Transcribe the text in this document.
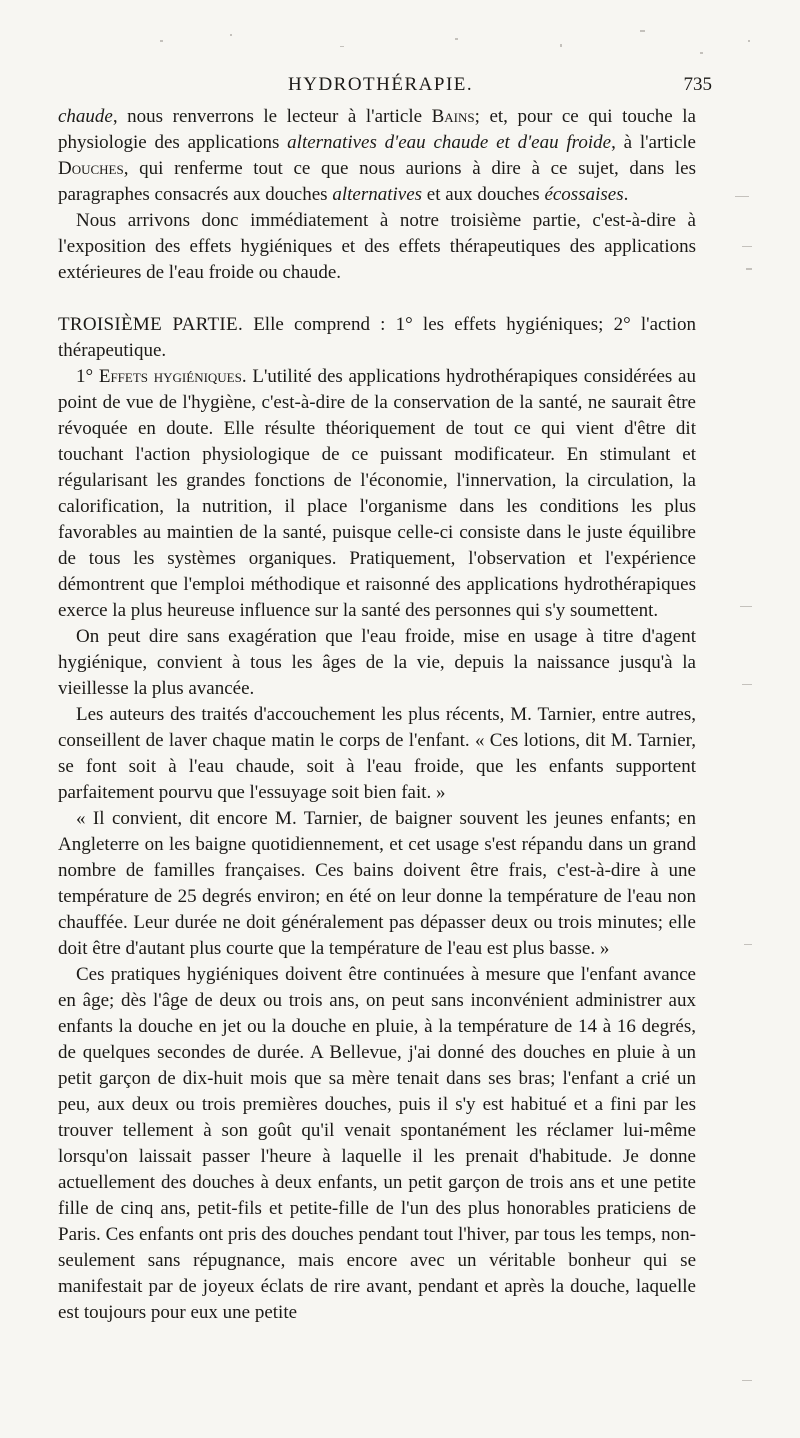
HYDROTHÉRAPIE.	735

chaude, nous renverrons le lecteur à l'article Bains; et, pour ce qui touche la physiologie des applications alternatives d'eau chaude et d'eau froide, à l'article Douches, qui renferme tout ce que nous aurions à dire à ce sujet, dans les paragraphes consacrés aux douches alternatives et aux douches écossaises.

Nous arrivons donc immédiatement à notre troisième partie, c'est-à-dire à l'exposition des effets hygiéniques et des effets thérapeutiques des applications extérieures de l'eau froide ou chaude.

TROISIÈME PARTIE. Elle comprend : 1° les effets hygiéniques; 2° l'action thérapeutique.

1° Effets hygiéniques. L'utilité des applications hydrothérapiques considérées au point de vue de l'hygiène, c'est-à-dire de la conservation de la santé, ne saurait être révoquée en doute. Elle résulte théoriquement de tout ce qui vient d'être dit touchant l'action physiologique de ce puissant modificateur. En stimulant et régularisant les grandes fonctions de l'économie, l'innervation, la circulation, la calorification, la nutrition, il place l'organisme dans les conditions les plus favorables au maintien de la santé, puisque celle-ci consiste dans le juste équilibre de tous les systèmes organiques. Pratiquement, l'observation et l'expérience démontrent que l'emploi méthodique et raisonné des applications hydrothérapiques exerce la plus heureuse influence sur la santé des personnes qui s'y soumettent.

On peut dire sans exagération que l'eau froide, mise en usage à titre d'agent hygiénique, convient à tous les âges de la vie, depuis la naissance jusqu'à la vieillesse la plus avancée.

Les auteurs des traités d'accouchement les plus récents, M. Tarnier, entre autres, conseillent de laver chaque matin le corps de l'enfant. « Ces lotions, dit M. Tarnier, se font soit à l'eau chaude, soit à l'eau froide, que les enfants supportent parfaitement pourvu que l'essuyage soit bien fait. »

« Il convient, dit encore M. Tarnier, de baigner souvent les jeunes enfants; en Angleterre on les baigne quotidiennement, et cet usage s'est répandu dans un grand nombre de familles françaises. Ces bains doivent être frais, c'est-à-dire à une température de 25 degrés environ; en été on leur donne la température de l'eau non chauffée. Leur durée ne doit généralement pas dépasser deux ou trois minutes; elle doit être d'autant plus courte que la température de l'eau est plus basse. »

Ces pratiques hygiéniques doivent être continuées à mesure que l'enfant avance en âge; dès l'âge de deux ou trois ans, on peut sans inconvénient administrer aux enfants la douche en jet ou la douche en pluie, à la température de 14 à 16 degrés, de quelques secondes de durée. A Bellevue, j'ai donné des douches en pluie à un petit garçon de dix-huit mois que sa mère tenait dans ses bras; l'enfant a crié un peu, aux deux ou trois premières douches, puis il s'y est habitué et a fini par les trouver tellement à son goût qu'il venait spontanément les réclamer lui-même lorsqu'on laissait passer l'heure à laquelle il les prenait d'habitude. Je donne actuellement des douches à deux enfants, un petit garçon de trois ans et une petite fille de cinq ans, petit-fils et petite-fille de l'un des plus honorables praticiens de Paris. Ces enfants ont pris des douches pendant tout l'hiver, par tous les temps, non-seulement sans répugnance, mais encore avec un véritable bonheur qui se manifestait par de joyeux éclats de rire avant, pendant et après la douche, laquelle est toujours pour eux une petite
